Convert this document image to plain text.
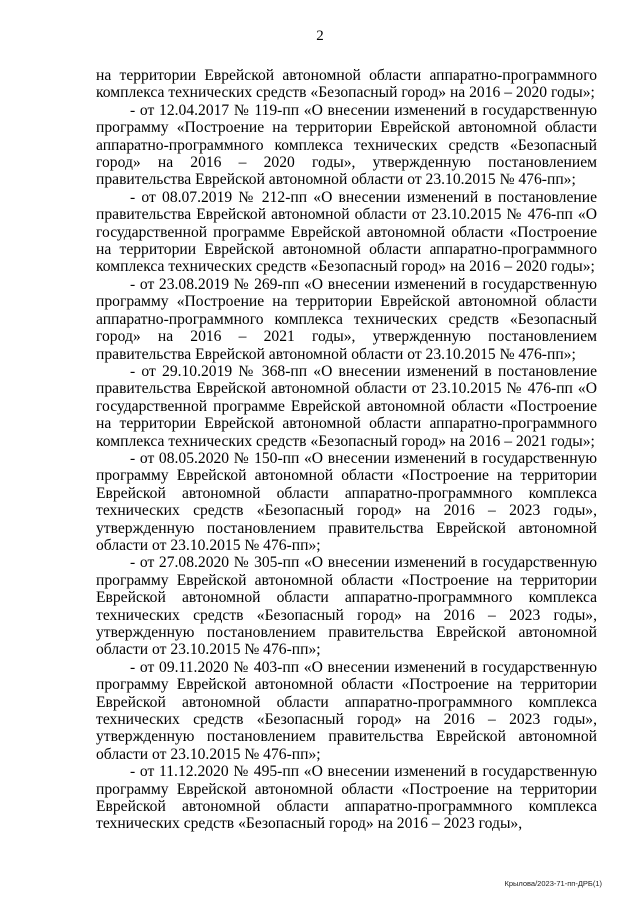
2

на территории Еврейской автономной области аппаратно-программного комплекса технических средств «Безопасный город» на 2016 – 2020 годы»;

- от 12.04.2017 № 119-пп «О внесении изменений в государственную программу «Построение на территории Еврейской автономной области аппаратно-программного комплекса технических средств «Безопасный город» на 2016 – 2020 годы», утвержденную постановлением правительства Еврейской автономной области от 23.10.2015 № 476-пп»;

- от 08.07.2019 № 212-пп «О внесении изменений в постановление правительства Еврейской автономной области от 23.10.2015 № 476-пп «О государственной программе Еврейской автономной области «Построение на территории Еврейской автономной области аппаратно-программного комплекса технических средств «Безопасный город» на 2016 – 2020 годы»;

- от 23.08.2019 № 269-пп «О внесении изменений в государственную программу «Построение на территории Еврейской автономной области аппаратно-программного комплекса технических средств «Безопасный город» на 2016 – 2021 годы», утвержденную постановлением правительства Еврейской автономной области от 23.10.2015 № 476-пп»;

- от 29.10.2019 № 368-пп «О внесении изменений в постановление правительства Еврейской автономной области от 23.10.2015 № 476-пп «О государственной программе Еврейской автономной области «Построение на территории Еврейской автономной области аппаратно-программного комплекса технических средств «Безопасный город» на 2016 – 2021 годы»;

- от 08.05.2020 № 150-пп «О внесении изменений в государственную программу Еврейской автономной области «Построение на территории Еврейской автономной области аппаратно-программного комплекса технических средств «Безопасный город» на 2016 – 2023 годы», утвержденную постановлением правительства Еврейской автономной области от 23.10.2015 № 476-пп»;

- от 27.08.2020 № 305-пп «О внесении изменений в государственную программу Еврейской автономной области «Построение на территории Еврейской автономной области аппаратно-программного комплекса технических средств «Безопасный город» на 2016 – 2023 годы», утвержденную постановлением правительства Еврейской автономной области от 23.10.2015 № 476-пп»;

- от 09.11.2020 № 403-пп «О внесении изменений в государственную программу Еврейской автономной области «Построение на территории Еврейской автономной области аппаратно-программного комплекса технических средств «Безопасный город» на 2016 – 2023 годы», утвержденную постановлением правительства Еврейской автономной области от 23.10.2015 № 476-пп»;

- от 11.12.2020 № 495-пп «О внесении изменений в государственную программу Еврейской автономной области «Построение на территории Еврейской автономной области аппаратно-программного комплекса технических средств «Безопасный город» на 2016 – 2023 годы»,

Крылова/2023-71-пп-ДРБ(1)
